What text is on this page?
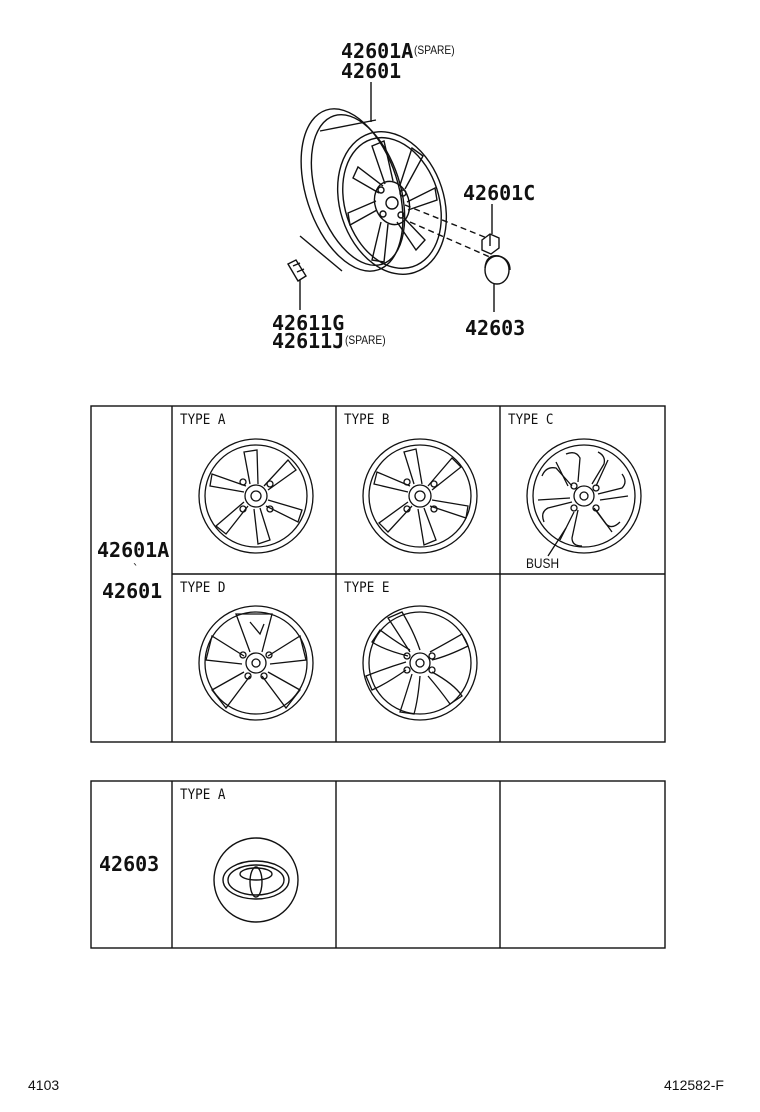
42601A (SPARE)
42601
42601C
42603
42611G
42611J (SPARE)
42601A
`
42601
TYPE A	TYPE B	TYPE C
BUSH
TYPE D	TYPE E
42603
TYPE A
4103	412582-F
